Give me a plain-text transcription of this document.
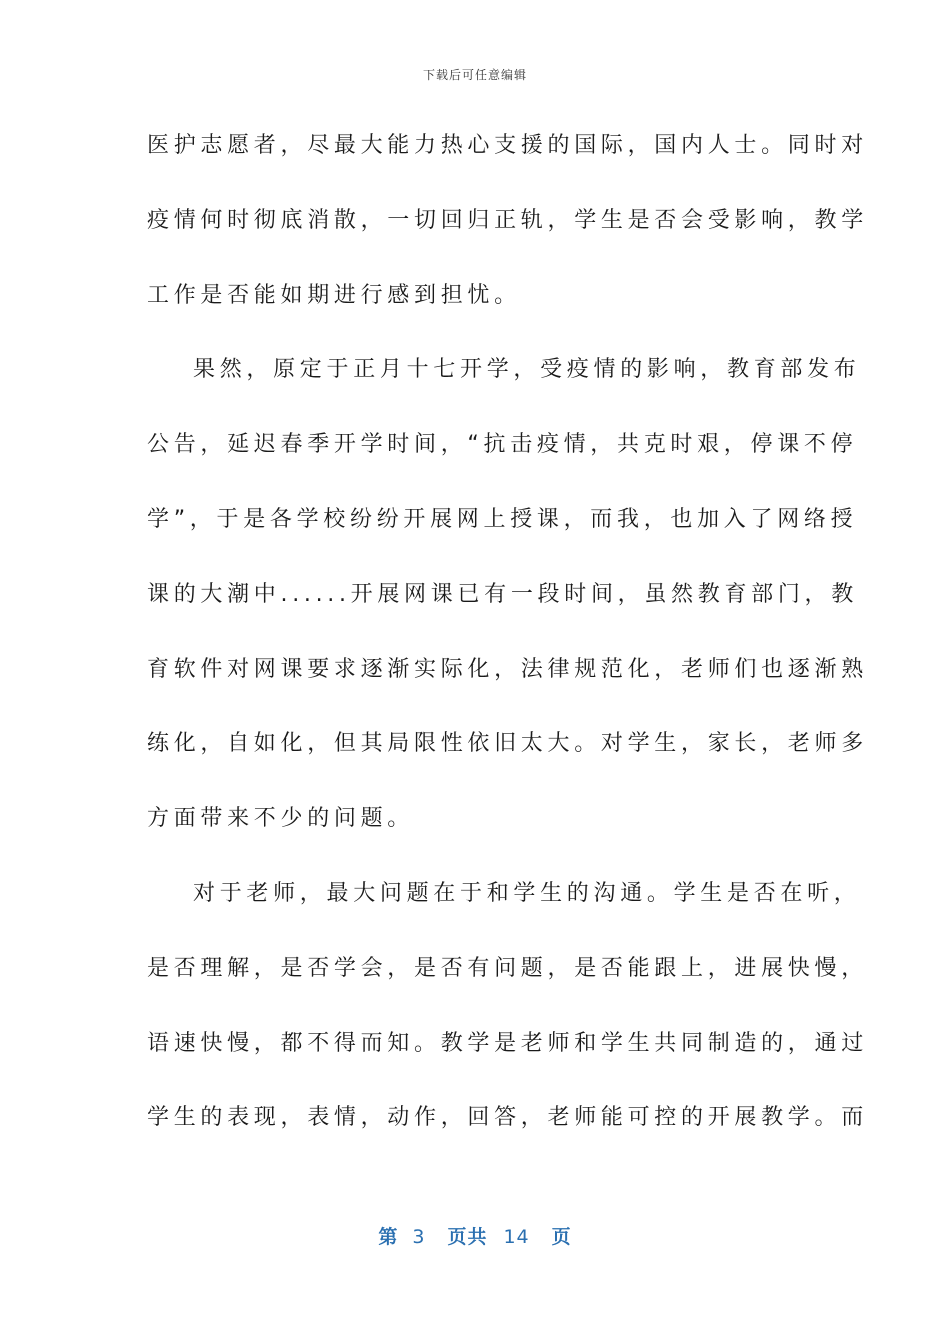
下载后可任意编辑
医护志愿者，尽最大能力热心支援的国际，国内人士。同时对
疫情何时彻底消散，一切回归正轨，学生是否会受影响，教学
工作是否能如期进行感到担忧。
果然，原定于正月十七开学，受疫情的影响，教育部发布
公告，延迟春季开学时间，“抗击疫情，共克时艰，停课不停
学”，于是各学校纷纷开展网上授课，而我，也加入了网络授
课的大潮中......开展网课已有一段时间，虽然教育部门，教
育软件对网课要求逐渐实际化，法律规范化，老师们也逐渐熟
练化，自如化，但其局限性依旧太大。对学生，家长，老师多
方面带来不少的问题。
对于老师，最大问题在于和学生的沟通。学生是否在听，
是否理解，是否学会，是否有问题，是否能跟上，进展快慢，
语速快慢，都不得而知。教学是老师和学生共同制造的，通过
学生的表现，表情，动作，回答，老师能可控的开展教学。而
第 3 页共 14 页
